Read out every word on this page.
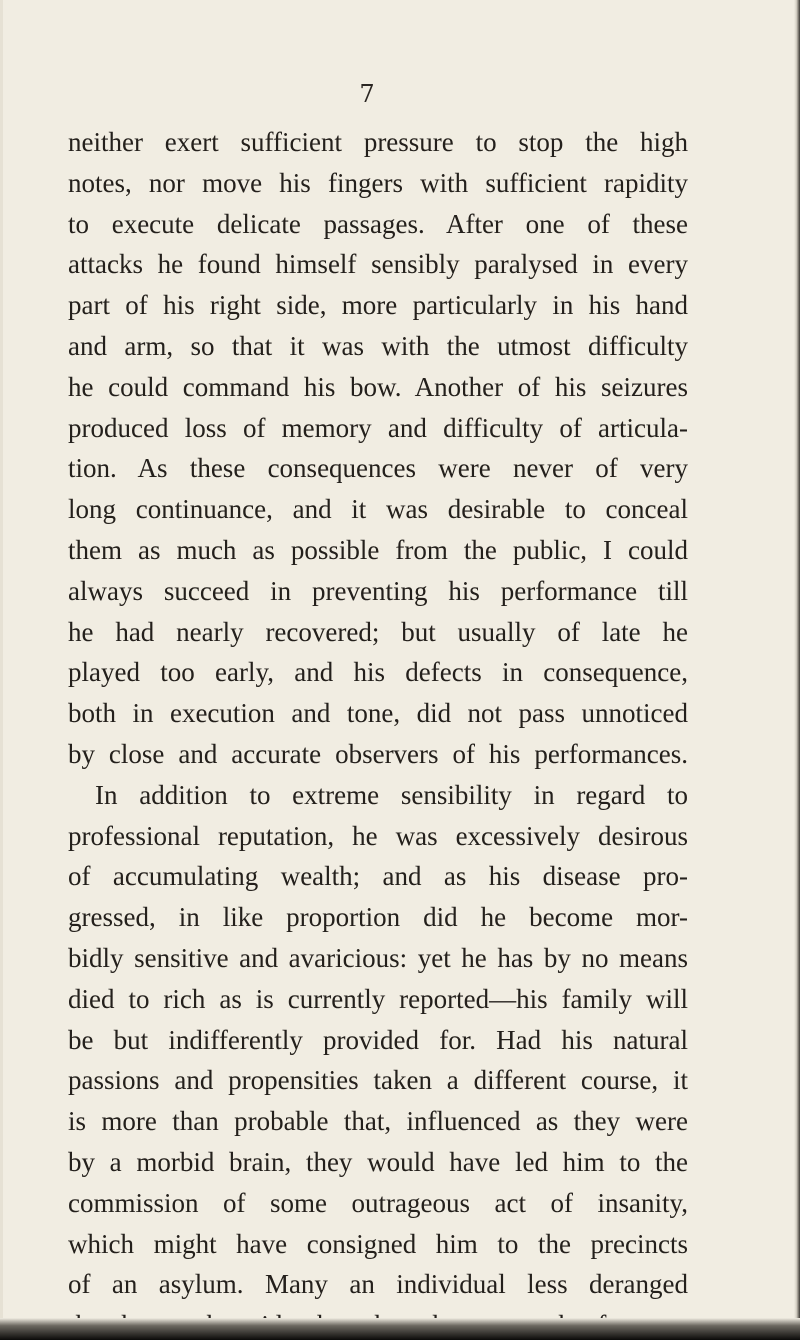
7
neither exert sufficient pressure to stop the high
notes, nor move his fingers with sufficient rapidity
to execute delicate passages. After one of these
attacks he found himself sensibly paralysed in every
part of his right side, more particularly in his hand
and arm, so that it was with the utmost difficulty
he could command his bow. Another of his seizures
produced loss of memory and difficulty of articula-
tion. As these consequences were never of very
long continuance, and it was desirable to conceal
them as much as possible from the public, I could
always succeed in preventing his performance till
he had nearly recovered; but usually of late he
played too early, and his defects in consequence,
both in execution and tone, did not pass unnoticed
by close and accurate observers of his performances.
In addition to extreme sensibility in regard to
professional reputation, he was excessively desirous
of accumulating wealth; and as his disease pro-
gressed, in like proportion did he become mor-
bidly sensitive and avaricious: yet he has by no means
died to rich as is currently reported—his family will
be but indifferently provided for. Had his natural
passions and propensities taken a different course, it
is more than probable that, influenced as they were
by a morbid brain, they would have led him to the
commission of some outrageous act of insanity,
which might have consigned him to the precincts
of an asylum. Many an individual less deranged
